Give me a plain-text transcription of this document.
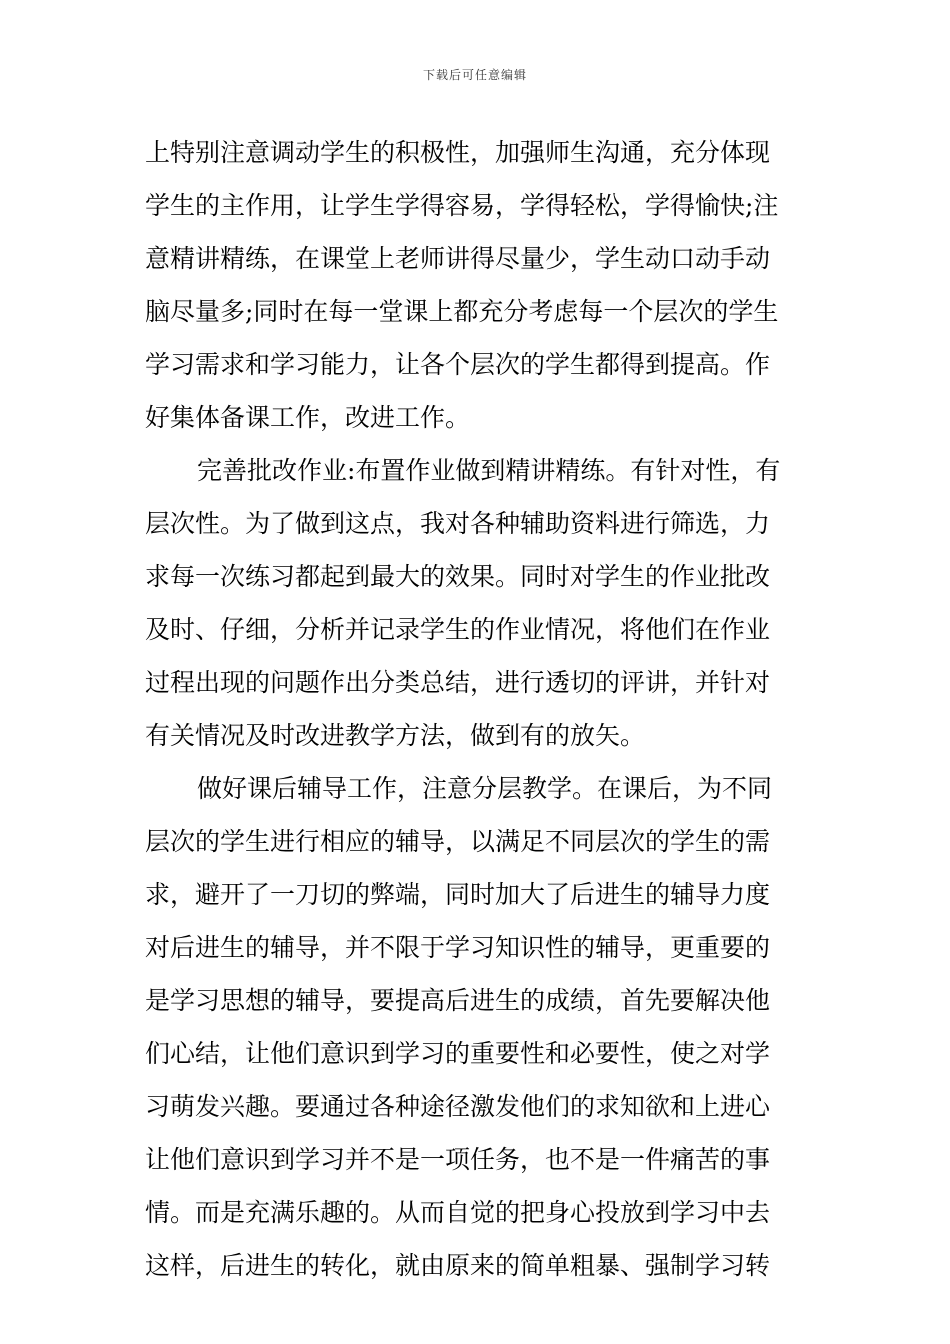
下载后可任意编辑
上特别注意调动学生的积极性，加强师生沟通，充分体现
学生的主作用，让学生学得容易，学得轻松，学得愉快;注
意精讲精练，在课堂上老师讲得尽量少，学生动口动手动
脑尽量多;同时在每一堂课上都充分考虑每一个层次的学生
学习需求和学习能力，让各个层次的学生都得到提高。作
好集体备课工作，改进工作。
完善批改作业:布置作业做到精讲精练。有针对性，有
层次性。为了做到这点，我对各种辅助资料进行筛选，力
求每一次练习都起到最大的效果。同时对学生的作业批改
及时、仔细，分析并记录学生的作业情况，将他们在作业
过程出现的问题作出分类总结，进行透切的评讲，并针对
有关情况及时改进教学方法，做到有的放矢。
做好课后辅导工作，注意分层教学。在课后，为不同
层次的学生进行相应的辅导，以满足不同层次的学生的需
求，避开了一刀切的弊端，同时加大了后进生的辅导力度
对后进生的辅导，并不限于学习知识性的辅导，更重要的
是学习思想的辅导，要提高后进生的成绩，首先要解决他
们心结，让他们意识到学习的重要性和必要性，使之对学
习萌发兴趣。要通过各种途径激发他们的求知欲和上进心
让他们意识到学习并不是一项任务，也不是一件痛苦的事
情。而是充满乐趣的。从而自觉的把身心投放到学习中去
这样，后进生的转化，就由原来的简单粗暴、强制学习转
